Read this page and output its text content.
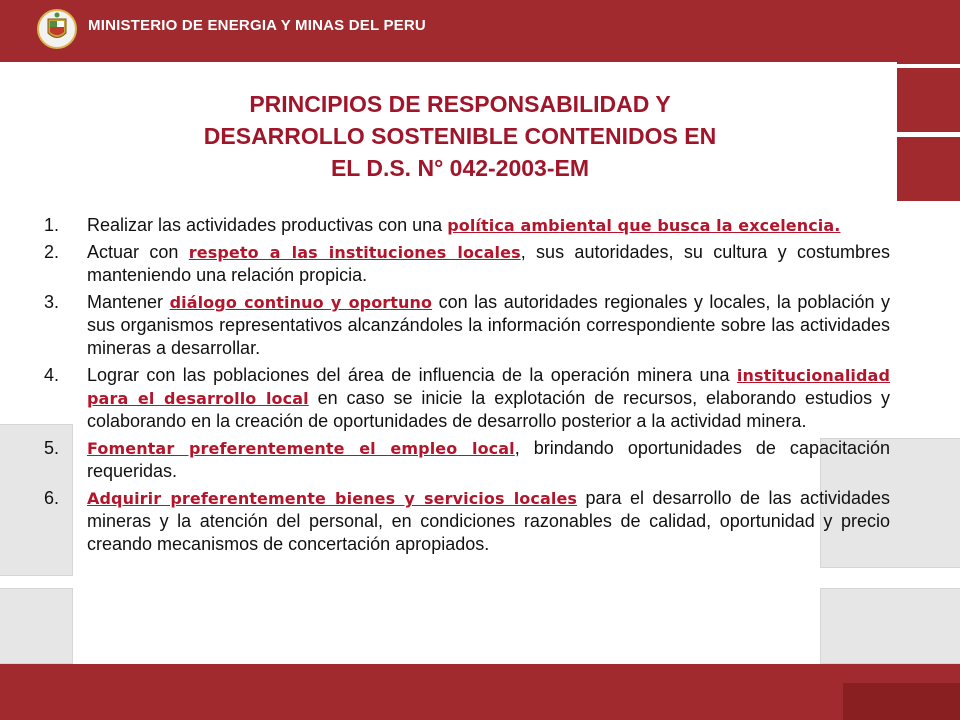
MINISTERIO DE ENERGIA Y MINAS DEL PERU
PRINCIPIOS DE RESPONSABILIDAD Y
DESARROLLO SOSTENIBLE CONTENIDOS EN
EL D.S. N° 042-2003-EM
1. Realizar las actividades productivas con una política ambiental que busca la excelencia.
2. Actuar con respeto a las instituciones locales, sus autoridades, su cultura y costumbres manteniendo una relación propicia.
3. Mantener diálogo continuo y oportuno con las autoridades regionales y locales, la población y sus organismos representativos alcanzándoles la información correspondiente sobre las actividades mineras a desarrollar.
4. Lograr con las poblaciones del área de influencia de la operación minera una institucionalidad para el desarrollo local en caso se inicie la explotación de recursos, elaborando estudios y colaborando en la creación de oportunidades de desarrollo posterior a la actividad minera.
5. Fomentar preferentemente el empleo local, brindando oportunidades de capacitación requeridas.
6. Adquirir preferentemente bienes y servicios locales para el desarrollo de las actividades mineras y la atención del personal, en condiciones razonables de calidad, oportunidad y precio creando mecanismos de concertación apropiados.
